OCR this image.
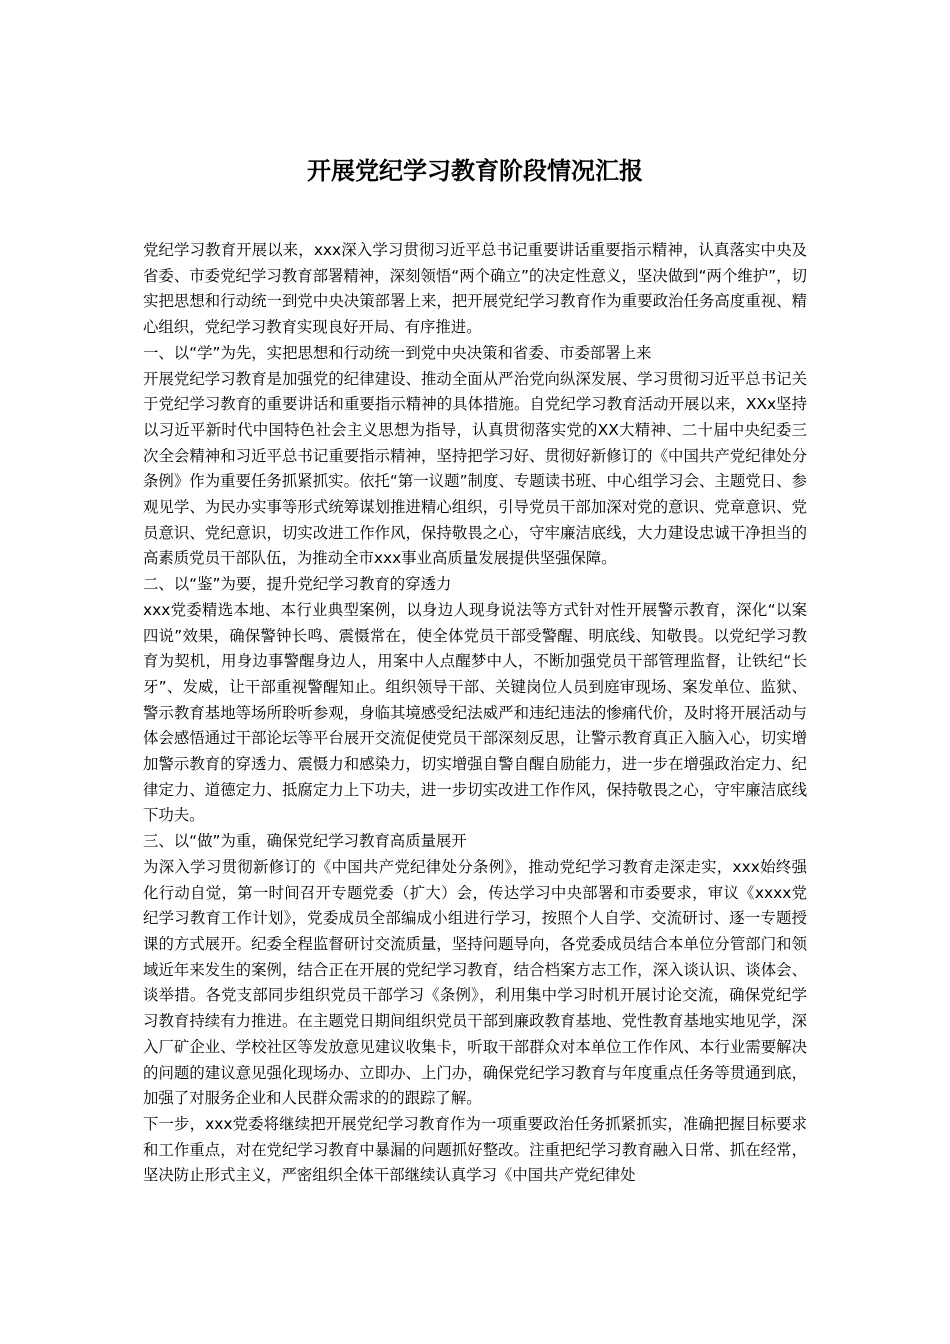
开展党纪学习教育阶段情况汇报

党纪学习教育开展以来，xxx深入学习贯彻习近平总书记重要讲话重要指示精神，认真落实中央及省委、市委党纪学习教育部署精神，深刻领悟“两个确立”的决定性意义，坚决做到“两个维护”，切实把思想和行动统一到党中央决策部署上来，把开展党纪学习教育作为重要政治任务高度重视、精心组织，党纪学习教育实现良好开局、有序推进。

一、以“学”为先，实把思想和行动统一到党中央决策和省委、市委部署上来

开展党纪学习教育是加强党的纪律建设、推动全面从严治党向纵深发展、学习贯彻习近平总书记关于党纪学习教育的重要讲话和重要指示精神的具体措施。自党纪学习教育活动开展以来，XXx坚持以习近平新时代中国特色社会主义思想为指导，认真贯彻落实党的XX大精神、二十届中央纪委三次全会精神和习近平总书记重要指示精神，坚持把学习好、贯彻好新修订的《中国共产党纪律处分条例》作为重要任务抓紧抓实。依托“第一议题”制度、专题读书班、中心组学习会、主题党日、参观见学、为民办实事等形式统筹谋划推进精心组织，引导党员干部加深对党的意识、党章意识、党员意识、党纪意识，切实改进工作作风，保持敬畏之心，守牢廉洁底线，大力建设忠诚干净担当的高素质党员干部队伍，为推动全市xxx事业高质量发展提供坚强保障。

二、以“鉴”为要，提升党纪学习教育的穿透力

xxx党委精选本地、本行业典型案例，以身边人现身说法等方式针对性开展警示教育，深化“以案四说”效果，确保警钟长鸣、震慑常在，使全体党员干部受警醒、明底线、知敬畏。以党纪学习教育为契机，用身边事警醒身边人，用案中人点醒梦中人，不断加强党员干部管理监督，让铁纪“长牙”、发威，让干部重视警醒知止。组织领导干部、关键岗位人员到庭审现场、案发单位、监狱、警示教育基地等场所聆听参观，身临其境感受纪法威严和违纪违法的惨痛代价，及时将开展活动与体会感悟通过干部论坛等平台展开交流促使党员干部深刻反思，让警示教育真正入脑入心，切实增加警示教育的穿透力、震慑力和感染力，切实增强自警自醒自励能力，进一步在增强政治定力、纪律定力、道德定力、抵腐定力上下功夫，进一步切实改进工作作风，保持敬畏之心，守牢廉洁底线下功夫。

三、以“做”为重，确保党纪学习教育高质量展开

为深入学习贯彻新修订的《中国共产党纪律处分条例》，推动党纪学习教育走深走实，xxx始终强化行动自觉，第一时间召开专题党委（扩大）会，传达学习中央部署和市委要求，审议《xxxx党纪学习教育工作计划》，党委成员全部编成小组进行学习，按照个人自学、交流研讨、逐一专题授课的方式展开。纪委全程监督研讨交流质量，坚持问题导向，各党委成员结合本单位分管部门和领域近年来发生的案例，结合正在开展的党纪学习教育，结合档案方志工作，深入谈认识、谈体会、谈举措。各党支部同步组织党员干部学习《条例》，利用集中学习时机开展讨论交流，确保党纪学习教育持续有力推进。在主题党日期间组织党员干部到廉政教育基地、党性教育基地实地见学，深入厂矿企业、学校社区等发放意见建议收集卡，听取干部群众对本单位工作作风、本行业需要解决的问题的建议意见强化现场办、立即办、上门办，确保党纪学习教育与年度重点任务等贯通到底，加强了对服务企业和人民群众需求的的跟踪了解。

下一步，xxx党委将继续把开展党纪学习教育作为一项重要政治任务抓紧抓实，准确把握目标要求和工作重点，对在党纪学习教育中暴漏的问题抓好整改。注重把纪学习教育融入日常、抓在经常，坚决防止形式主义，严密组织全体干部继续认真学习《中国共产党纪律处
